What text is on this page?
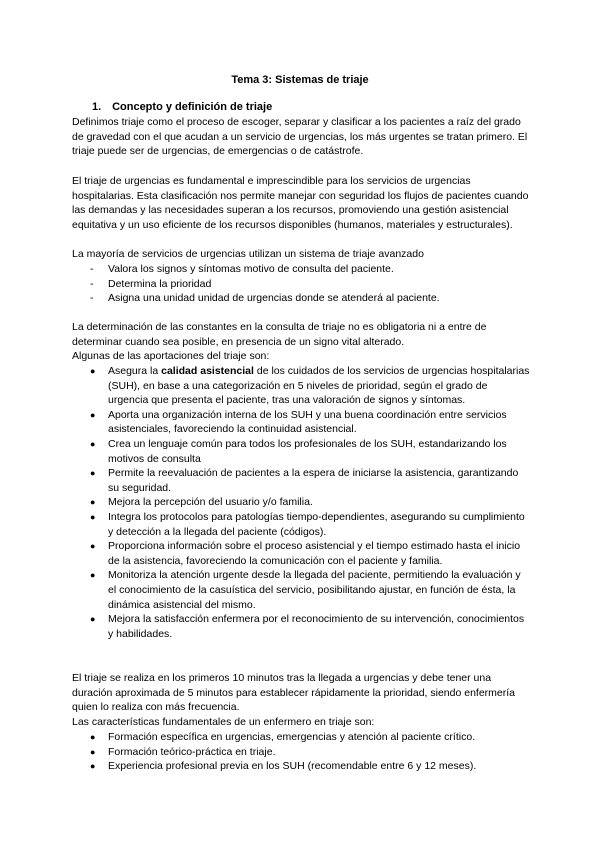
Tema 3: Sistemas de triaje
1. Concepto y definición de triaje

Definimos triaje como el proceso de escoger, separar y clasificar a los pacientes a raíz del grado de gravedad con el que acudan a un servicio de urgencias, los más urgentes se tratan primero. El triaje puede ser de urgencias, de emergencias o de catástrofe.

El triaje de urgencias es fundamental e imprescindible para los servicios de urgencias hospitalarias. Esta clasificación nos permite manejar con seguridad los flujos de pacientes cuando las demandas y las necesidades superan a los recursos, promoviendo una gestión asistencial equitativa y un uso eficiente de los recursos disponibles (humanos, materiales y estructurales).

La mayoría de servicios de urgencias utilizan un sistema de triaje avanzado

- Valora los signos y síntomas motivo de consulta del paciente.
- Determina la prioridad
- Asigna una unidad unidad de urgencias donde se atenderá al paciente.

La determinación de las constantes en la consulta de triaje no es obligatoria ni a entre de determinar cuando sea posible, en presencia de un signo vital alterado.

Algunas de las aportaciones del triaje son:

● Asegura la calidad asistencial de los cuidados de los servicios de urgencias hospitalarias (SUH), en base a una categorización en 5 niveles de prioridad, según el grado de urgencia que presenta el paciente, tras una valoración de signos y síntomas.
● Aporta una organización interna de los SUH y una buena coordinación entre servicios asistenciales, favoreciendo la continuidad asistencial.
● Crea un lenguaje común para todos los profesionales de los SUH, estandarizando los motivos de consulta
● Permite la reevaluación de pacientes a la espera de iniciarse la asistencia, garantizando su seguridad.
● Mejora la percepción del usuario y/o familia.
● Integra los protocolos para patologías tiempo-dependientes, asegurando su cumplimiento y detección a la llegada del paciente (códigos).
● Proporciona información sobre el proceso asistencial y el tiempo estimado hasta el inicio de la asistencia, favoreciendo la comunicación con el paciente y familia.
● Monitoriza la atención urgente desde la llegada del paciente, permitiendo la evaluación y el conocimiento de la casuística del servicio, posibilitando ajustar, en función de ésta, la dinámica asistencial del mismo.
● Mejora la satisfacción enfermera por el reconocimiento de su intervención, conocimientos y habilidades.

El triaje se realiza en los primeros 10 minutos tras la llegada a urgencias y debe tener una duración aproximada de 5 minutos para establecer rápidamente la prioridad, siendo enfermería quien lo realiza con más frecuencia.

Las características fundamentales de un enfermero en triaje son:

● Formación específica en urgencias, emergencias y atención al paciente crítico.
● Formación teórico-práctica en triaje.
● Experiencia profesional previa en los SUH (recomendable entre 6 y 12 meses).
